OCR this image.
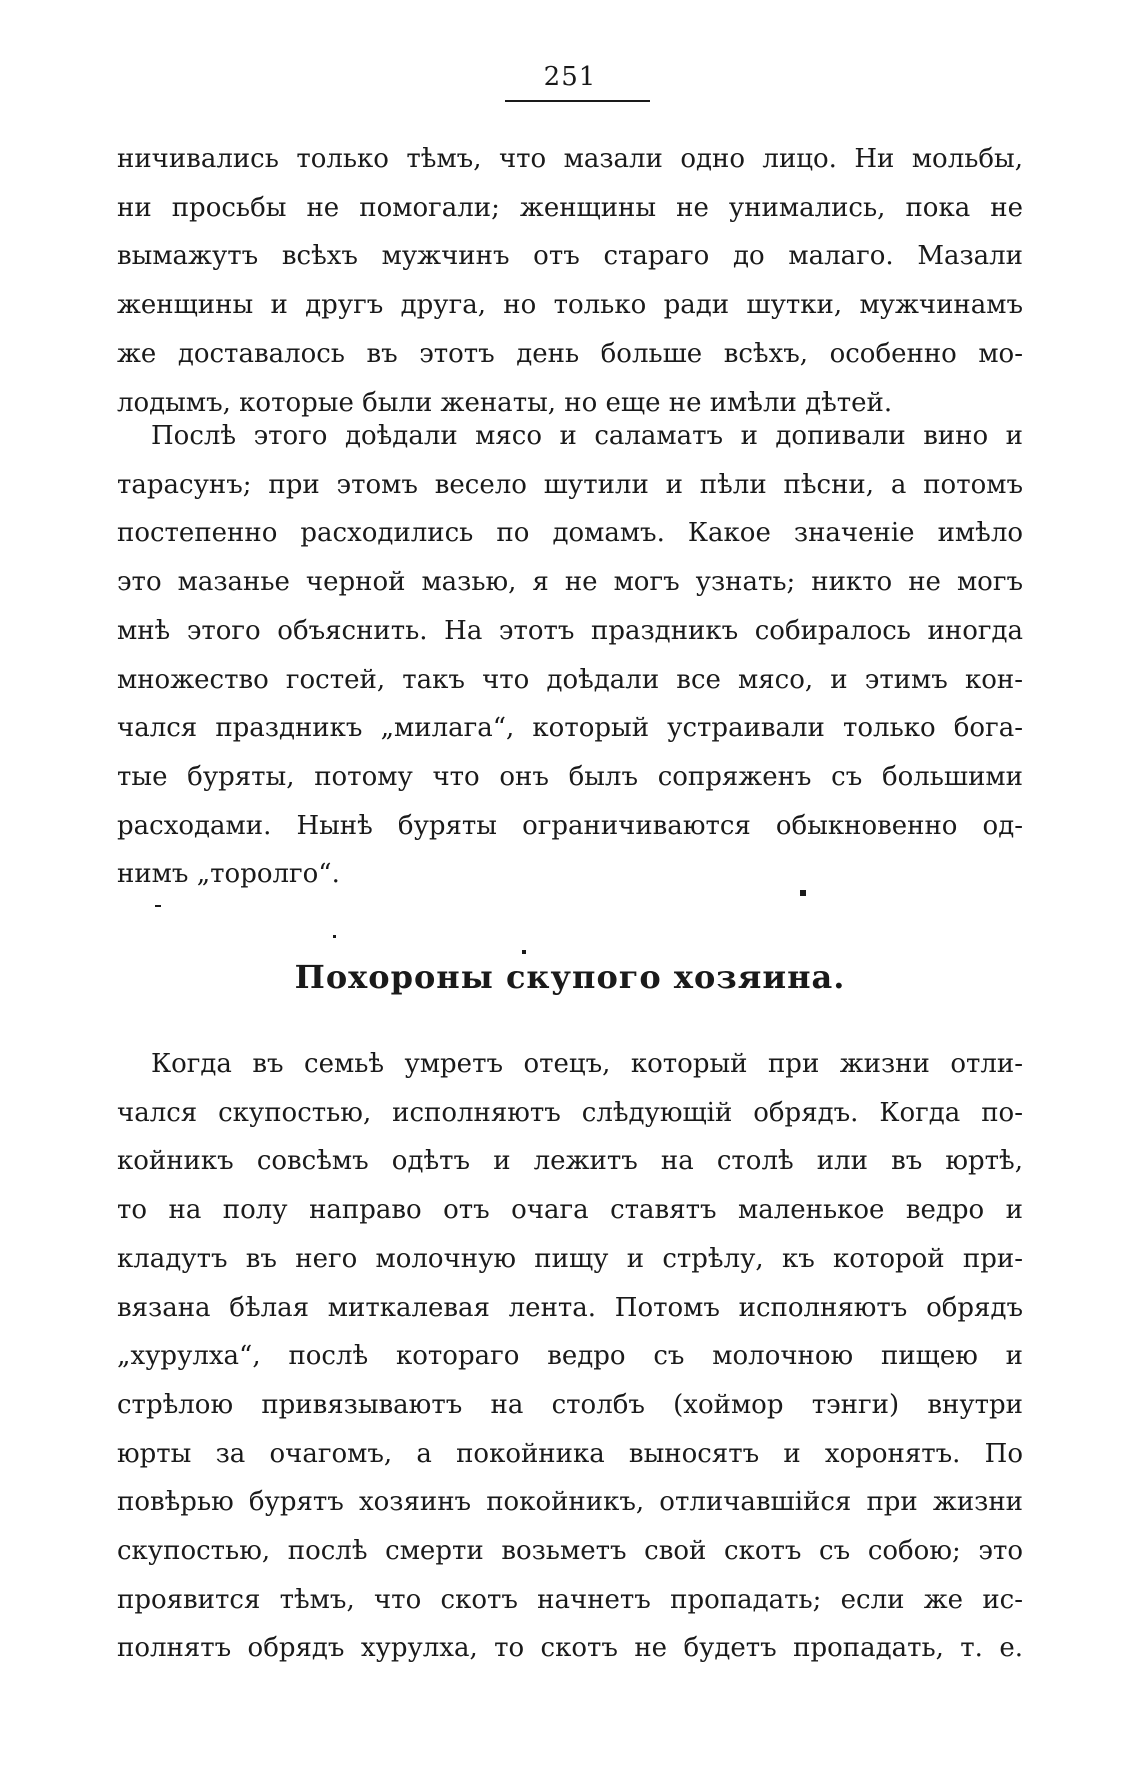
251
ничивались только тѣмъ, что мазали одно лицо. Ни мольбы,
ни просьбы не помогали; женщины не унимались, пока не
вымажутъ всѣхъ мужчинъ отъ стараго до малаго. Мазали
женщины и другъ друга, но только ради шутки, мужчинамъ
же доставалось въ этотъ день больше всѣхъ, особенно мо-
лодымъ, которые были женаты, но еще не имѣли дѣтей.
Послѣ этого доѣдали мясо и саламатъ и допивали вино и
тарасунъ; при этомъ весело шутили и пѣли пѣсни, а потомъ
постепенно расходились по домамъ. Какое значеніе имѣло
это мазанье черной мазью, я не могъ узнать; никто не могъ
мнѣ этого объяснить. На этотъ праздникъ собиралось иногда
множество гостей, такъ что доѣдали все мясо, и этимъ кон-
чался праздникъ „милага“, который устраивали только бога-
тые буряты, потому что онъ былъ сопряженъ съ большими
расходами. Нынѣ буряты ограничиваются обыкновенно од-
нимъ „торолго“.
Похороны скупого хозяина.
Когда въ семьѣ умретъ отецъ, который при жизни отли-
чался скупостью, исполняютъ слѣдующій обрядъ. Когда по-
койникъ совсѣмъ одѣтъ и лежитъ на столѣ или въ юртѣ,
то на полу направо отъ очага ставятъ маленькое ведро и
кладутъ въ него молочную пищу и стрѣлу, къ которой при-
вязана бѣлая миткалевая лента. Потомъ исполняютъ обрядъ
„хурулха“, послѣ котораго ведро съ молочною пищею и
стрѣлою привязываютъ на столбъ (хоймор тэнги) внутри
юрты за очагомъ, а покойника выносятъ и хоронятъ. По
повѣрью бурятъ хозяинъ покойникъ, отличавшійся при жизни
скупостью, послѣ смерти возьметъ свой скотъ съ собою; это
проявится тѣмъ, что скотъ начнетъ пропадать; если же ис-
полнятъ обрядъ хурулха, то скотъ не будетъ пропадать, т. е.
